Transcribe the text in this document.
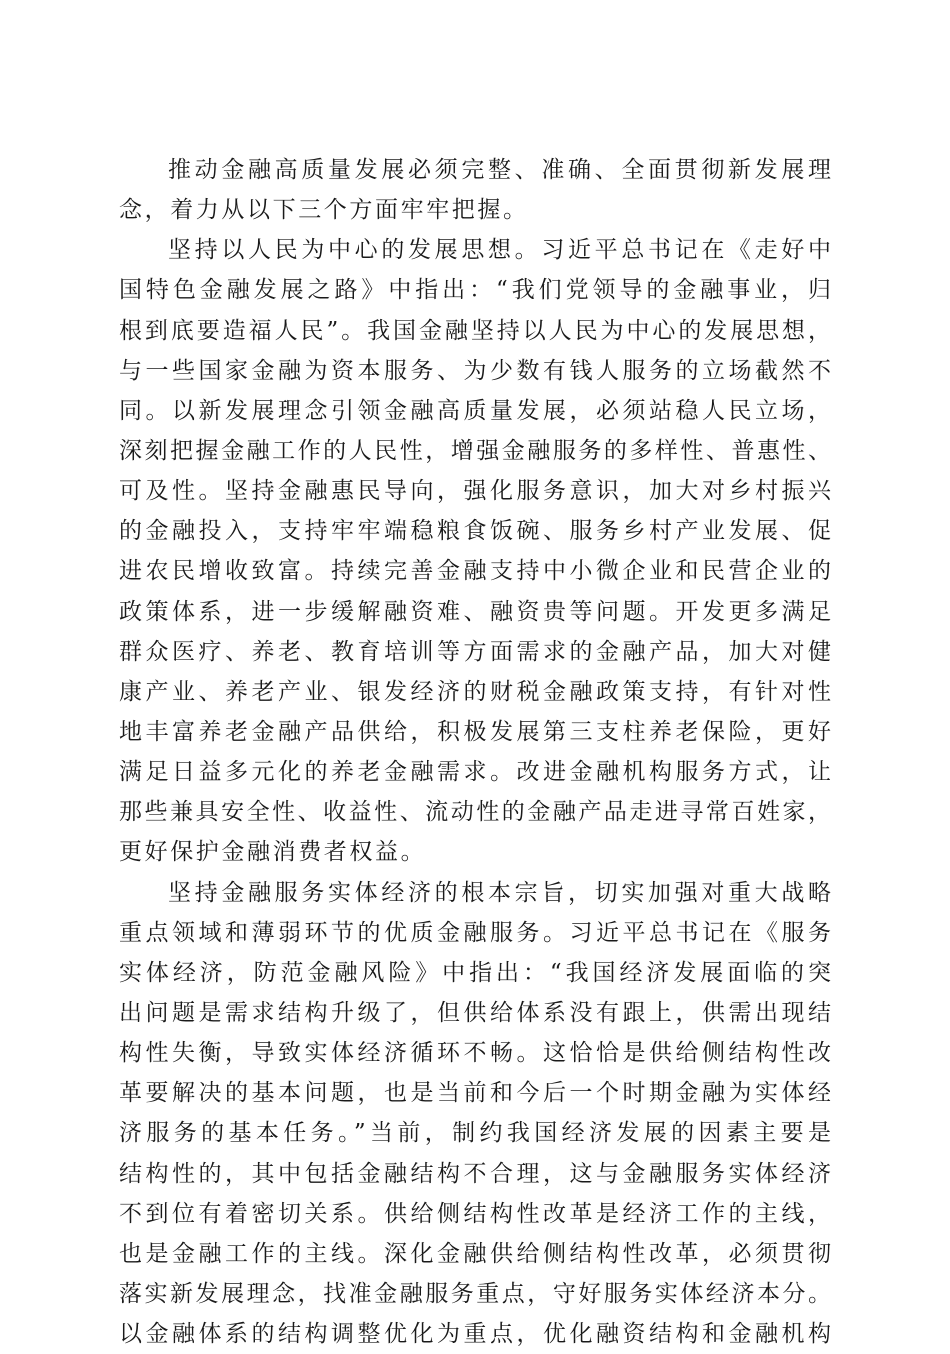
推动金融高质量发展必须完整、准确、全面贯彻新发展理
念，着力从以下三个方面牢牢把握。
坚持以人民为中心的发展思想。习近平总书记在《走好中
国特色金融发展之路》中指出：“我们党领导的金融事业，归
根到底要造福人民”。我国金融坚持以人民为中心的发展思想，
与一些国家金融为资本服务、为少数有钱人服务的立场截然不
同。以新发展理念引领金融高质量发展，必须站稳人民立场，
深刻把握金融工作的人民性，增强金融服务的多样性、普惠性、
可及性。坚持金融惠民导向，强化服务意识，加大对乡村振兴
的金融投入，支持牢牢端稳粮食饭碗、服务乡村产业发展、促
进农民增收致富。持续完善金融支持中小微企业和民营企业的
政策体系，进一步缓解融资难、融资贵等问题。开发更多满足
群众医疗、养老、教育培训等方面需求的金融产品，加大对健
康产业、养老产业、银发经济的财税金融政策支持，有针对性
地丰富养老金融产品供给，积极发展第三支柱养老保险，更好
满足日益多元化的养老金融需求。改进金融机构服务方式，让
那些兼具安全性、收益性、流动性的金融产品走进寻常百姓家，
更好保护金融消费者权益。
坚持金融服务实体经济的根本宗旨，切实加强对重大战略
重点领域和薄弱环节的优质金融服务。习近平总书记在《服务
实体经济，防范金融风险》中指出：“我国经济发展面临的突
出问题是需求结构升级了，但供给体系没有跟上，供需出现结
构性失衡，导致实体经济循环不畅。这恰恰是供给侧结构性改
革要解决的基本问题，也是当前和今后一个时期金融为实体经
济服务的基本任务。”当前，制约我国经济发展的因素主要是
结构性的，其中包括金融结构不合理，这与金融服务实体经济
不到位有着密切关系。供给侧结构性改革是经济工作的主线，
也是金融工作的主线。深化金融供给侧结构性改革，必须贯彻
落实新发展理念，找准金融服务重点，守好服务实体经济本分。
以金融体系的结构调整优化为重点，优化融资结构和金融机构
